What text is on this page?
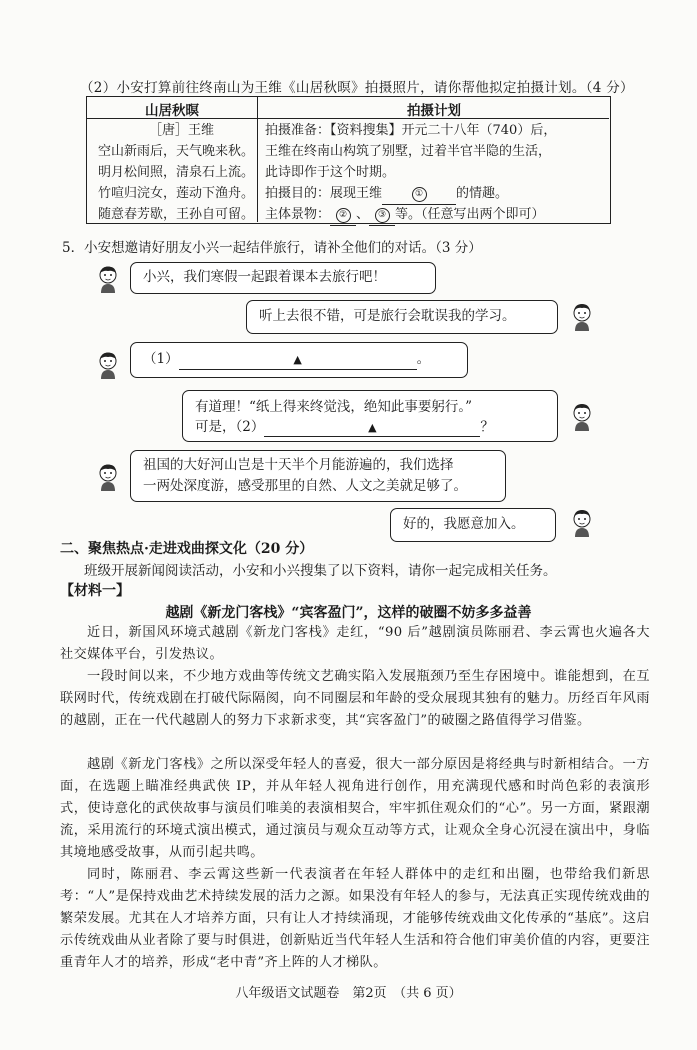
（2）小安打算前往终南山为王维《山居秋暝》拍摄照片，请你帮他拟定拍摄计划。（4 分）
山居秋暝	拍摄计划
［唐］王维
空山新雨后，天气晚来秋。
明月松间照，清泉石上流。
竹喧归浣女，莲动下渔舟。
随意春芳歇，王孙自可留。
拍摄准备：【资料搜集】开元二十八年（740）后，
王维在终南山构筑了别墅，过着半官半隐的生活，
此诗即作于这个时期。
拍摄目的：展现王维	①	的情趣。
主体景物： ② 、 ③ 等。（任意写出两个即可）
5．小安想邀请好朋友小兴一起结伴旅行，请补全他们的对话。（3 分）
小兴，我们寒假一起跟着课本去旅行吧！
听上去很不错，可是旅行会耽误我的学习。
（1）	▲	。
有道理！“纸上得来终觉浅，绝知此事要躬行。”
可是，（2）	▲	？
祖国的大好河山岂是十天半个月能游遍的，我们选择
一两处深度游，感受那里的自然、人文之美就足够了。
好的，我愿意加入。
二、聚焦热点·走进戏曲探文化（20 分）
班级开展新闻阅读活动，小安和小兴搜集了以下资料，请你一起完成相关任务。
【材料一】
越剧《新龙门客栈》“宾客盈门”，这样的破圈不妨多多益善
近日，新国风环境式越剧《新龙门客栈》走红，“90 后”越剧演员陈丽君、李云霄也火遍各大社交媒体平台，引发热议。
一段时间以来，不少地方戏曲等传统文艺确实陷入发展瓶颈乃至生存困境中。谁能想到，在互联网时代，传统戏剧在打破代际隔阂，向不同圈层和年龄的受众展现其独有的魅力。历经百年风雨的越剧，正在一代代越剧人的努力下求新求变，其“宾客盈门”的破圈之路值得学习借鉴。
越剧《新龙门客栈》之所以深受年轻人的喜爱，很大一部分原因是将经典与时新相结合。一方面，在选题上瞄准经典武侠 IP，并从年轻人视角进行创作，用充满现代感和时尚色彩的表演形式，使诗意化的武侠故事与演员们唯美的表演相契合，牢牢抓住观众们的“心”。另一方面，紧跟潮流，采用流行的环境式演出模式，通过演员与观众互动等方式，让观众全身心沉浸在演出中，身临其境地感受故事，从而引起共鸣。
同时，陈丽君、李云霄这些新一代表演者在年轻人群体中的走红和出圈，也带给我们新思考：“人”是保持戏曲艺术持续发展的活力之源。如果没有年轻人的参与，无法真正实现传统戏曲的繁荣发展。尤其在人才培养方面，只有让人才持续涌现，才能够传统戏曲文化传承的“基底”。这启示传统戏曲从业者除了要与时俱进，创新贴近当代年轻人生活和符合他们审美价值的内容，更要注重青年人才的培养，形成“老中青”齐上阵的人才梯队。
八年级语文试题卷　第2页　（共 6 页）
